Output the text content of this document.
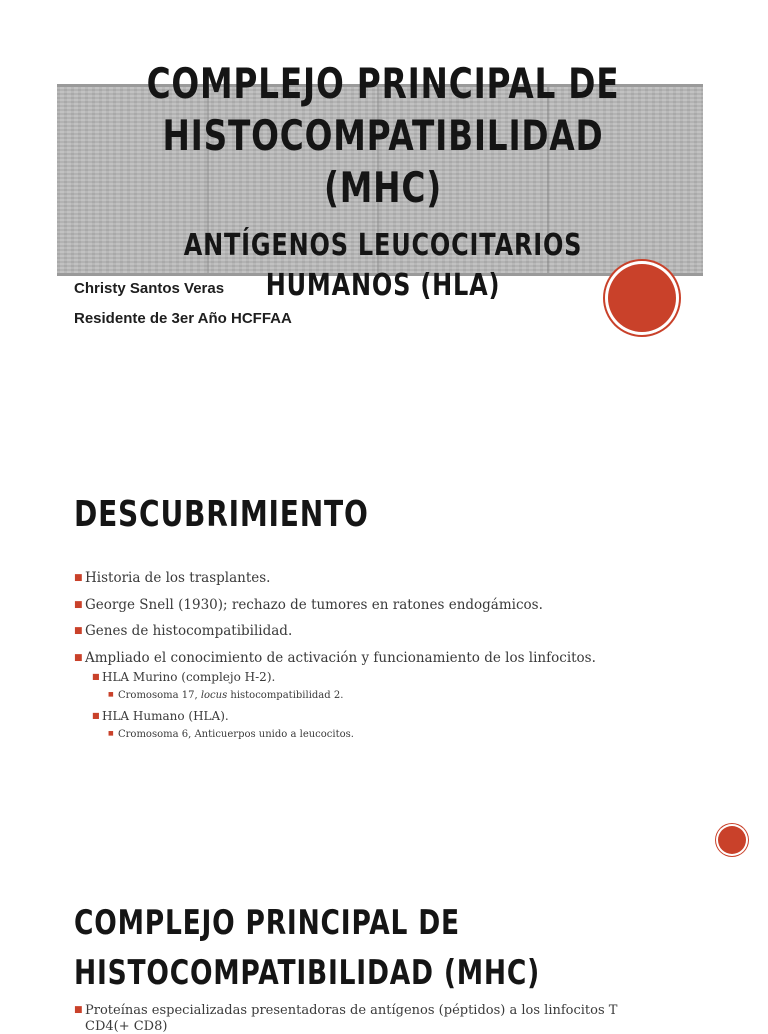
COMPLEJO PRINCIPAL DE
HISTOCOMPATIBILIDAD (MHC)
ANTÍGENOS LEUCOCITARIOS HUMANOS (HLA)
Christy Santos Veras
Residente de 3er Año HCFFAA
DESCUBRIMIENTO
■ Historia de los trasplantes.
■ George Snell (1930); rechazo de tumores en ratones endogámicos.
■ Genes de histocompatibilidad.
■ Ampliado el conocimiento de activación y funcionamiento de los linfocitos.
■ HLA Murino (complejo H-2).
■ Cromosoma 17, locus histocompatibilidad 2.
■ HLA Humano (HLA).
■ Cromosoma 6, Anticuerpos unido a leucocitos.
COMPLEJO PRINCIPAL DE
HISTOCOMPATIBILIDAD (MHC)
■ Proteínas especializadas presentadoras de antígenos (péptidos) a los linfocitos T
CD4(+ CD8)
